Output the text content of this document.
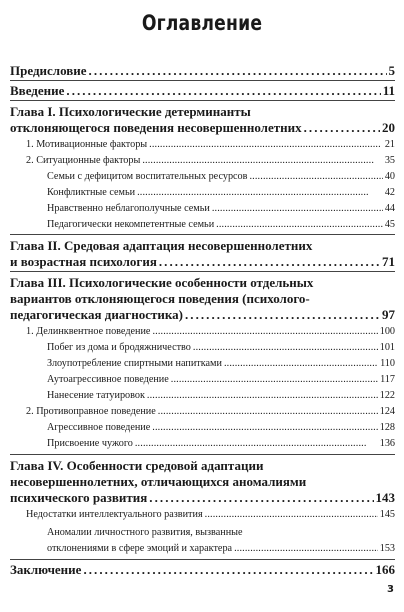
Оглавление
Предисловие . . .	5
Введение . . .	11
Глава I. Психологические детерминанты
отклоняющегося поведения несовершеннолетних . . .	20
1. Мотивационные факторы . . .	21
2. Ситуационные факторы . . .	35
Семьи с дефицитом воспитательных ресурсов . . .	40
Конфликтные семьи . . .	42
Нравственно неблагополучные семьи . . .	44
Педагогически некомпетентные семьи . . .	45
Глава II. Средовая адаптация несовершеннолетних
и возрастная психология . . .	71
Глава III. Психологические особенности отдельных
вариантов отклоняющегося поведения (психолого-
педагогическая диагностика) . . .	97
1. Делинквентное поведение . . .	100
Побег из дома и бродяжничество . . .	101
Злоупотребление спиртными напитками . . .	110
Аутоагрессивное поведение . . .	117
Нанесение татуировок . . .	122
2. Противоправное поведение . . .	124
Агрессивное поведение . . .	128
Присвоение чужого . . .	136
Глава IV. Особенности средовой адаптации
несовершеннолетних, отличающихся аномалиями
психического развития . . .	143
Недостатки интеллектуального развития . . .	145
Аномалии личностного развития, вызванные
отклонениями в сфере эмоций и характера . . .	153
Заключение . . .	166
3
